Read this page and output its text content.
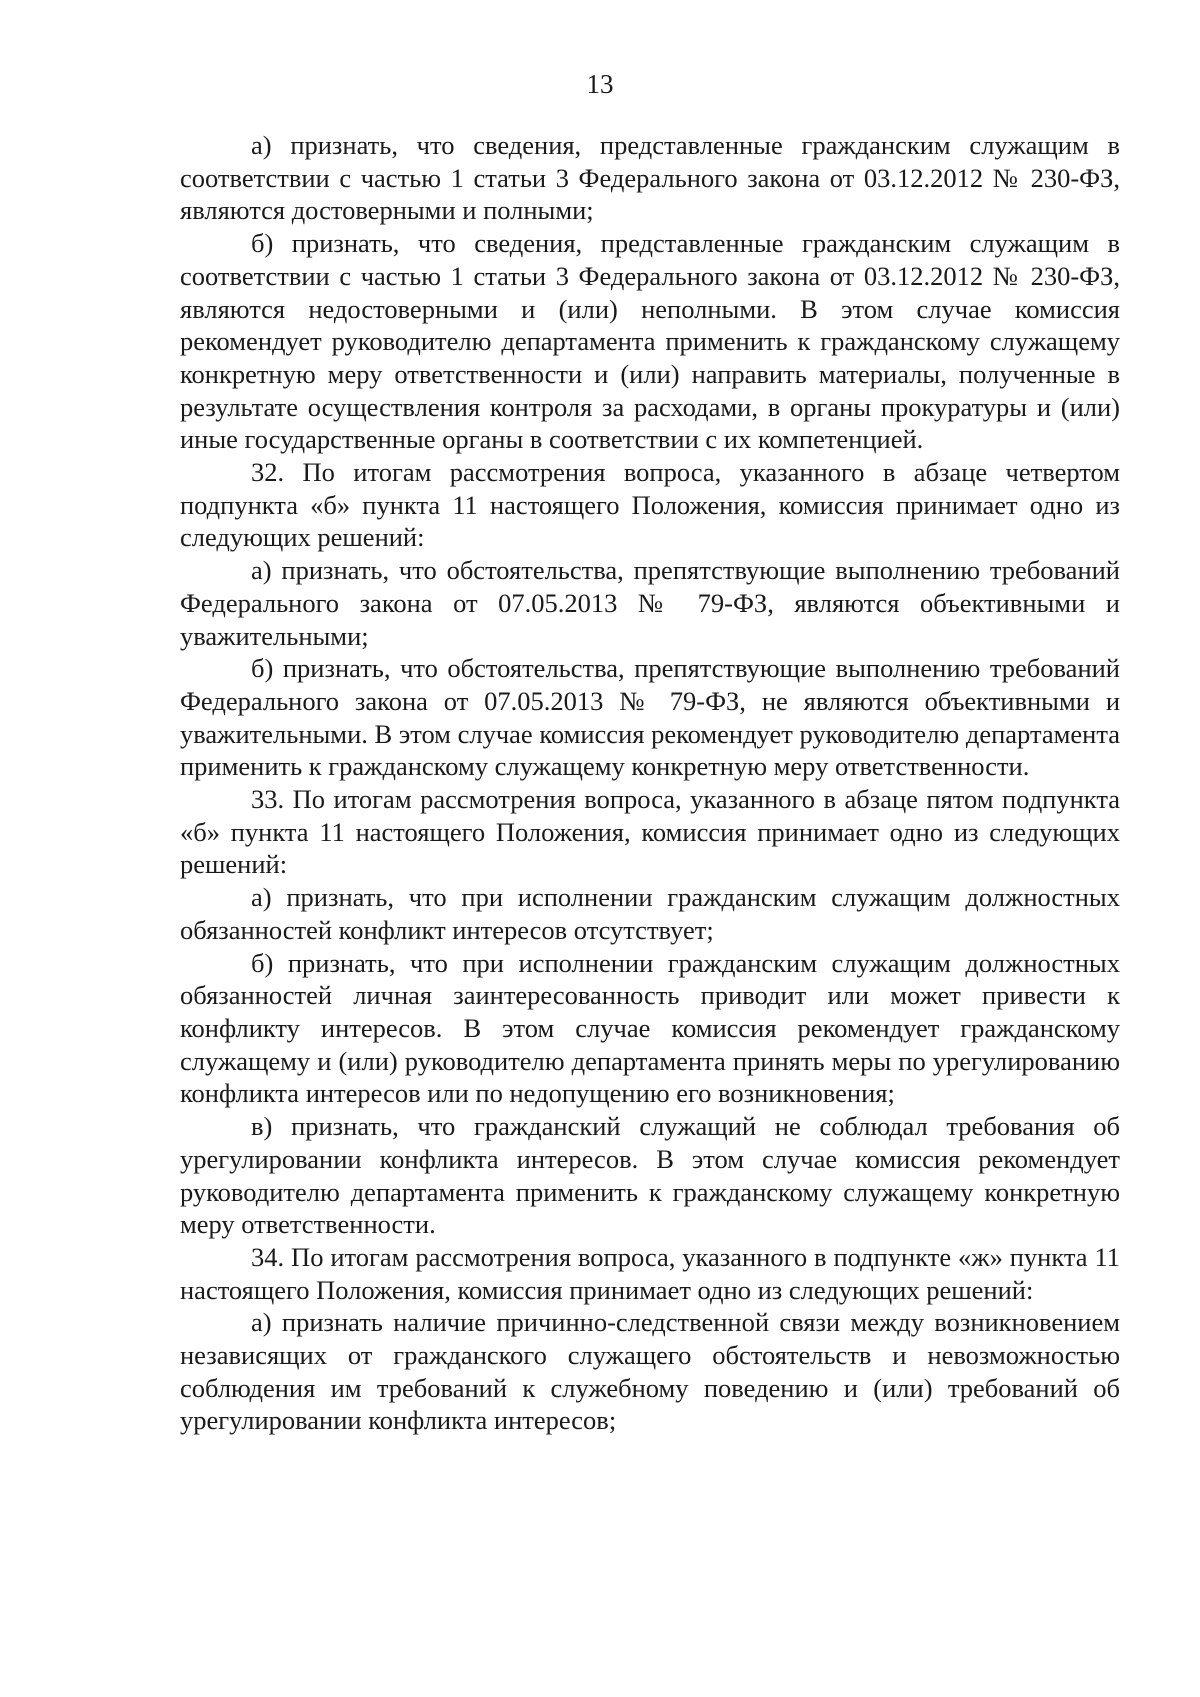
13

а) признать, что сведения, представленные гражданским служащим в соответствии с частью 1 статьи 3 Федерального закона от 03.12.2012 № 230-ФЗ, являются достоверными и полными;

б) признать, что сведения, представленные гражданским служащим в соответствии с частью 1 статьи 3 Федерального закона от 03.12.2012 № 230-ФЗ, являются недостоверными и (или) неполными. В этом случае комиссия рекомендует руководителю департамента применить к гражданскому служащему конкретную меру ответственности и (или) направить материалы, полученные в результате осуществления контроля за расходами, в органы прокуратуры и (или) иные государственные органы в соответствии с их компетенцией.

32. По итогам рассмотрения вопроса, указанного в абзаце четвертом подпункта «б» пункта 11 настоящего Положения, комиссия принимает одно из следующих решений:

а) признать, что обстоятельства, препятствующие выполнению требований Федерального закона от 07.05.2013 № 79-ФЗ, являются объективными и уважительными;

б) признать, что обстоятельства, препятствующие выполнению требований Федерального закона от 07.05.2013 № 79-ФЗ, не являются объективными и уважительными. В этом случае комиссия рекомендует руководителю департамента применить к гражданскому служащему конкретную меру ответственности.

33. По итогам рассмотрения вопроса, указанного в абзаце пятом подпункта «б» пункта 11 настоящего Положения, комиссия принимает одно из следующих решений:

а) признать, что при исполнении гражданским служащим должностных обязанностей конфликт интересов отсутствует;

б) признать, что при исполнении гражданским служащим должностных обязанностей личная заинтересованность приводит или может привести к конфликту интересов. В этом случае комиссия рекомендует гражданскому служащему и (или) руководителю департамента принять меры по урегулированию конфликта интересов или по недопущению его возникновения;

в) признать, что гражданский служащий не соблюдал требования об урегулировании конфликта интересов. В этом случае комиссия рекомендует руководителю департамента применить к гражданскому служащему конкретную меру ответственности.

34. По итогам рассмотрения вопроса, указанного в подпункте «ж» пункта 11 настоящего Положения, комиссия принимает одно из следующих решений:

а) признать наличие причинно-следственной связи между возникновением независящих от гражданского служащего обстоятельств и невозможностью соблюдения им требований к служебному поведению и (или) требований об урегулировании конфликта интересов;
